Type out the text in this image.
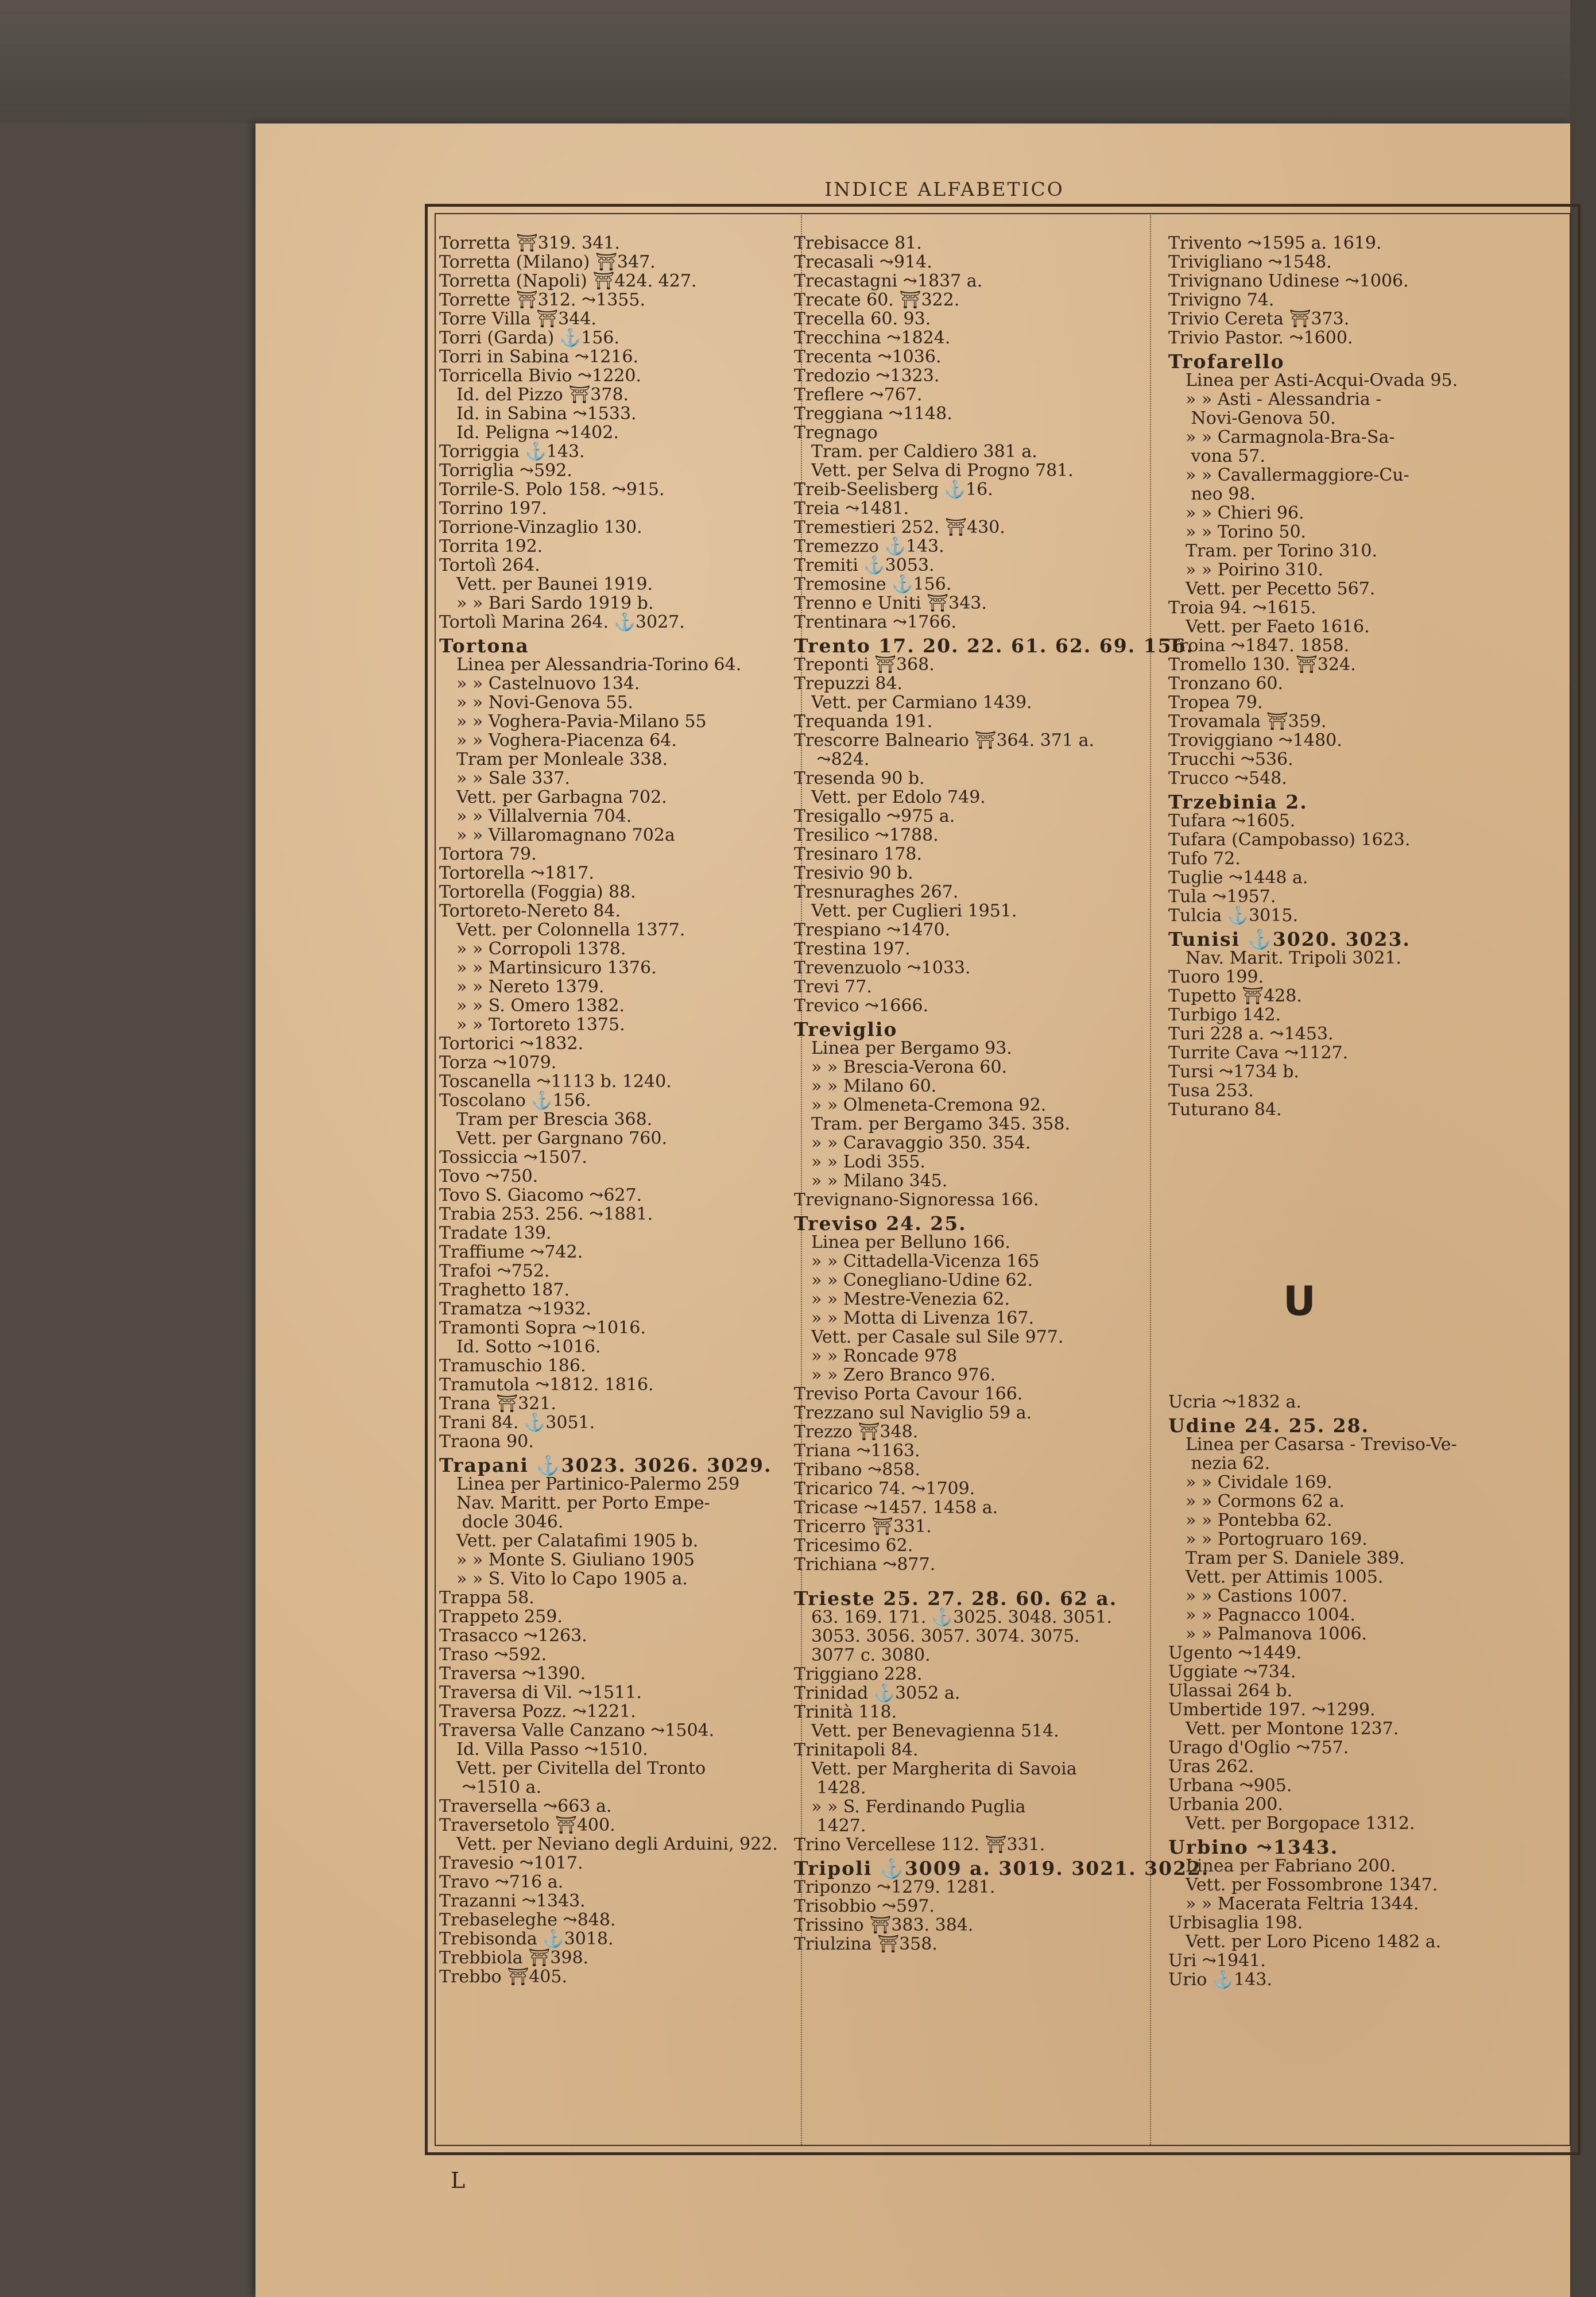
INDICE ALFABETICO
Torretta ⛩319. 341.
Torretta (Milano) ⛩347.
Torretta (Napoli) ⛩424. 427.
Torrette ⛩312. ⤳1355.
Torre Villa ⛩344.
Torri (Garda) ⚓156.
Torri in Sabina ⤳1216.
Torricella Bivio ⤳1220.
 Id. del Pizzo ⛩378.
 Id. in Sabina ⤳1533.
 Id. Peligna ⤳1402.
Torriggia ⚓143.
Torriglia ⤳592.
Torrile-S. Polo 158. ⤳915.
Torrino 197.
Torrione-Vinzaglio 130.
Torrita 192.
Tortolì 264.
 Vett. per Baunei 1919.
 » » Bari Sardo 1919 b.
Tortolì Marina 264. ⚓3027.
Tortona
 Linea per Alessandria-Torino 64.
 » » Castelnuovo 134.
 » » Novi-Genova 55.
 » » Voghera-Pavia-Milano 55
 » » Voghera-Piacenza 64.
 Tram per Monleale 338.
 » » Sale 337.
 Vett. per Garbagna 702.
 » » Villalvernia 704.
 » » Villaromagnano 702a
Tortora 79.
Tortorella ⤳1817.
Tortorella (Foggia) 88.
Tortoreto-Nereto 84.
 Vett. per Colonnella 1377.
 » » Corropoli 1378.
 » » Martinsicuro 1376.
 » » Nereto 1379.
 » » S. Omero 1382.
 » » Tortoreto 1375.
Tortorici ⤳1832.
Torza ⤳1079.
Toscanella ⤳1113 b. 1240.
Toscolano ⚓156.
 Tram per Brescia 368.
 Vett. per Gargnano 760.
Tossiccia ⤳1507.
Tovo ⤳750.
Tovo S. Giacomo ⤳627.
Trabia 253. 256. ⤳1881.
Tradate 139.
Traffiume ⤳742.
Trafoi ⤳752.
Traghetto 187.
Tramatza ⤳1932.
Tramonti Sopra ⤳1016.
 Id. Sotto ⤳1016.
Tramuschio 186.
Tramutola ⤳1812. 1816.
Trana ⛩321.
Trani 84. ⚓3051.
Traona 90.
Trapani ⚓3023. 3026. 3029.
 Linea per Partinico-Palermo 259
 Nav. Maritt. per Porto Empe-
  docle 3046.
 Vett. per Calatafimi 1905 b.
 » » Monte S. Giuliano 1905
 » » S. Vito lo Capo 1905 a.
Trappa 58.
Trappeto 259.
Trasacco ⤳1263.
Traso ⤳592.
Traversa ⤳1390.
Traversa di Vil. ⤳1511.
Traversa Pozz. ⤳1221.
Traversa Valle Canzano ⤳1504.
 Id. Villa Passo ⤳1510.
 Vett. per Civitella del Tronto
  ⤳1510 a.
Traversella ⤳663 a.
Traversetolo ⛩400.
 Vett. per Neviano degli Arduini, 922.
Travesio ⤳1017.
Travo ⤳716 a.
Trazanni ⤳1343.
Trebaseleghe ⤳848.
Trebisonda ⚓3018.
Trebbiola ⛩398.
Trebbo ⛩405.
Trebisacce 81.
Trecasali ⤳914.
Trecastagni ⤳1837 a.
Trecate 60. ⛩322.
Trecella 60. 93.
Trecchina ⤳1824.
Trecenta ⤳1036.
Tredozio ⤳1323.
Treflere ⤳767.
Treggiana ⤳1148.
Tregnago
 Tram. per Caldiero 381 a.
 Vett. per Selva di Progno 781.
Treib-Seelisberg ⚓16.
Treia ⤳1481.
Tremestieri 252. ⛩430.
Tremezzo ⚓143.
Tremiti ⚓3053.
Tremosine ⚓156.
Trenno e Uniti ⛩343.
Trentinara ⤳1766.
Trento 17. 20. 22. 61. 62. 69. 156.
Treponti ⛩368.
Trepuzzi 84.
 Vett. per Carmiano 1439.
Trequanda 191.
Trescorre Balneario ⛩364. 371 a.
  ⤳824.
Tresenda 90 b.
 Vett. per Edolo 749.
Tresigallo ⤳975 a.
Tresilico ⤳1788.
Tresinaro 178.
Tresivio 90 b.
Tresnuraghes 267.
 Vett. per Cuglieri 1951.
Trespiano ⤳1470.
Trestina 197.
Trevenzuolo ⤳1033.
Trevi 77.
Trevico ⤳1666.
Treviglio
 Linea per Bergamo 93.
 » » Brescia-Verona 60.
 » » Milano 60.
 » » Olmeneta-Cremona 92.
 Tram. per Bergamo 345. 358.
 » » Caravaggio 350. 354.
 » » Lodi 355.
 » » Milano 345.
Trevignano-Signoressa 166.
Treviso 24. 25.
 Linea per Belluno 166.
 » » Cittadella-Vicenza 165
 » » Conegliano-Udine 62.
 » » Mestre-Venezia 62.
 » » Motta di Livenza 167.
 Vett. per Casale sul Sile 977.
 » » Roncade 978
 » » Zero Branco 976.
Treviso Porta Cavour 166.
Trezzano sul Naviglio 59 a.
Trezzo ⛩348.
Triana ⤳1163.
Tribano ⤳858.
Tricarico 74. ⤳1709.
Tricase ⤳1457. 1458 a.
Tricerro ⛩331.
Tricesimo 62.
Trichiana ⤳877.
Trieste 25. 27. 28. 60. 62 a.
 63. 169. 171. ⚓3025. 3048. 3051.
 3053. 3056. 3057. 3074. 3075.
 3077 c. 3080.
Triggiano 228.
Trinidad ⚓3052 a.
Trinità 118.
 Vett. per Benevagienna 514.
Trinitapoli 84.
 Vett. per Margherita di Savoia
  1428.
 » » S. Ferdinando Puglia
  1427.
Trino Vercellese 112. ⛩331.
Tripoli ⚓3009 a. 3019. 3021. 3022.
Triponzo ⤳1279. 1281.
Trisobbio ⤳597.
Trissino ⛩383. 384.
Triulzina ⛩358.
Trivento ⤳1595 a. 1619.
Trivigliano ⤳1548.
Trivignano Udinese ⤳1006.
Trivigno 74.
Trivio Cereta ⛩373.
Trivio Pastor. ⤳1600.
Trofarello
 Linea per Asti-Acqui-Ovada 95.
 » » Asti - Alessandria -
  Novi-Genova 50.
 » » Carmagnola-Bra-Sa-
  vona 57.
 » » Cavallermaggiore-Cu-
  neo 98.
 » » Chieri 96.
 » » Torino 50.
 Tram. per Torino 310.
 » » Poirino 310.
 Vett. per Pecetto 567.
Troia 94. ⤳1615.
 Vett. per Faeto 1616.
Troina ⤳1847. 1858.
Tromello 130. ⛩324.
Tronzano 60.
Tropea 79.
Trovamala ⛩359.
Troviggiano ⤳1480.
Trucchi ⤳536.
Trucco ⤳548.
Trzebinia 2.
Tufara ⤳1605.
Tufara (Campobasso) 1623.
Tufo 72.
Tuglie ⤳1448 a.
Tula ⤳1957.
Tulcia ⚓3015.
Tunisi ⚓3020. 3023.
 Nav. Marit. Tripoli 3021.
Tuoro 199.
Tupetto ⛩428.
Turbigo 142.
Turi 228 a. ⤳1453.
Turrite Cava ⤳1127.
Tursi ⤳1734 b.
Tusa 253.
Tuturano 84.
U
Ucria ⤳1832 a.
Udine 24. 25. 28.
 Linea per Casarsa - Treviso-Ve-
  nezia 62.
 » » Cividale 169.
 » » Cormons 62 a.
 » » Pontebba 62.
 » » Portogruaro 169.
 Tram per S. Daniele 389.
 Vett. per Attimis 1005.
 » » Castions 1007.
 » » Pagnacco 1004.
 » » Palmanova 1006.
Ugento ⤳1449.
Uggiate ⤳734.
Ulassai 264 b.
Umbertide 197. ⤳1299.
 Vett. per Montone 1237.
Urago d'Oglio ⤳757.
Uras 262.
Urbana ⤳905.
Urbania 200.
 Vett. per Borgopace 1312.
Urbino ⤳1343.
 Linea per Fabriano 200.
 Vett. per Fossombrone 1347.
 » » Macerata Feltria 1344.
Urbisaglia 198.
 Vett. per Loro Piceno 1482 a.
Uri ⤳1941.
Urio ⚓143.
L
